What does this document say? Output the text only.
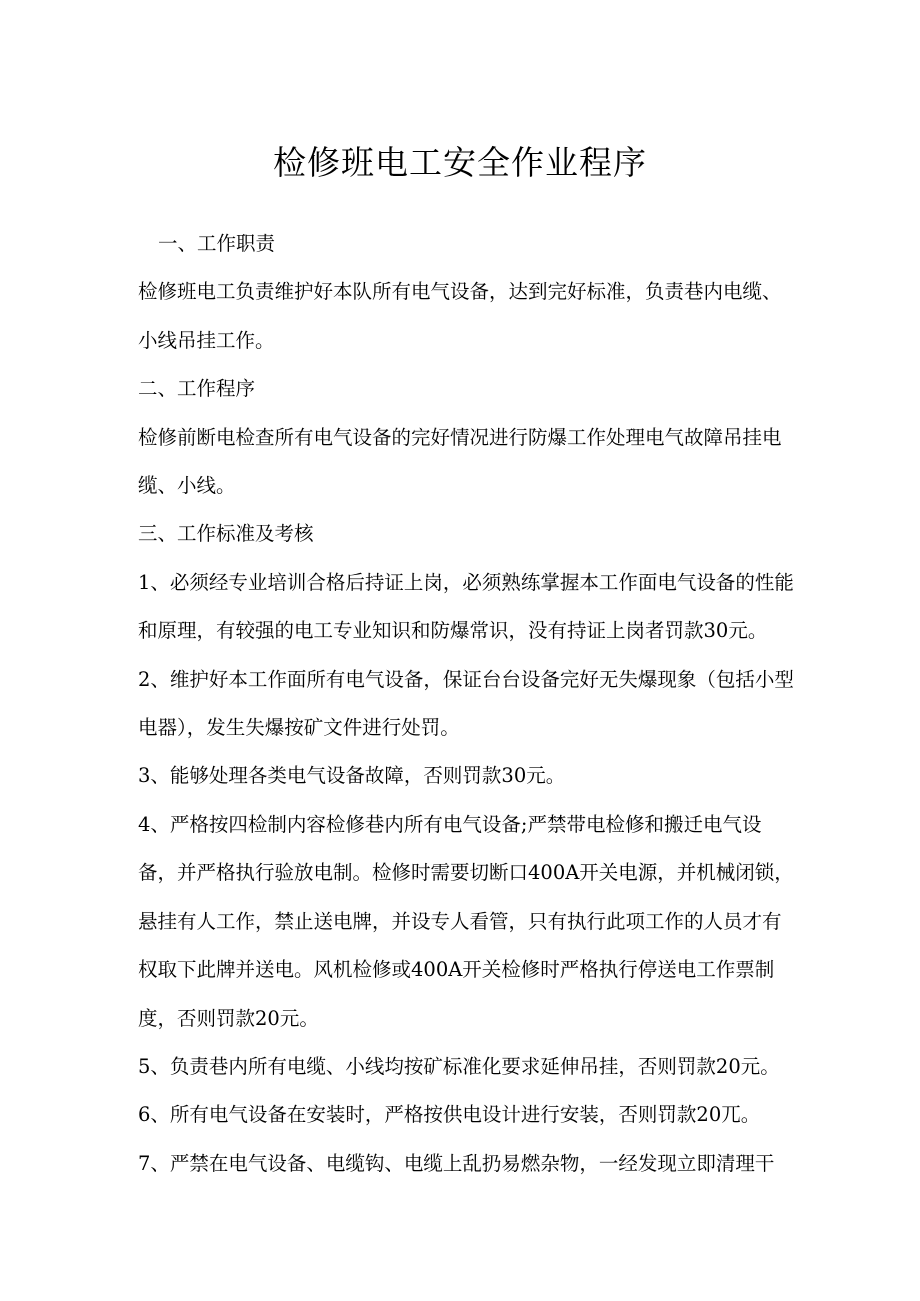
检修班电工安全作业程序

一、工作职责

检修班电工负责维护好本队所有电气设备，达到完好标准，负责巷内电缆、小线吊挂工作。

二、工作程序

检修前断电检查所有电气设备的完好情况进行防爆工作处理电气故障吊挂电缆、小线。

三、工作标准及考核

1、必须经专业培训合格后持证上岗，必须熟练掌握本工作面电气设备的性能和原理，有较强的电工专业知识和防爆常识，没有持证上岗者罚款30元。

2、维护好本工作面所有电气设备，保证台台设备完好无失爆现象（包括小型电器），发生失爆按矿文件进行处罚。

3、能够处理各类电气设备故障，否则罚款30元。

4、严格按四检制内容检修巷内所有电气设备;严禁带电检修和搬迁电气设备，并严格执行验放电制。检修时需要切断口400A开关电源，并机械闭锁，悬挂有人工作，禁止送电牌，并设专人看管，只有执行此项工作的人员才有权取下此牌并送电。风机检修或400A开关检修时严格执行停送电工作票制度，否则罚款20元。

5、负责巷内所有电缆、小线均按矿标准化要求延伸吊挂，否则罚款20元。

6、所有电气设备在安装时，严格按供电设计进行安装，否则罚款20兀。

7、严禁在电气设备、电缆钩、电缆上乱扔易燃杂物，一经发现立即清理干
